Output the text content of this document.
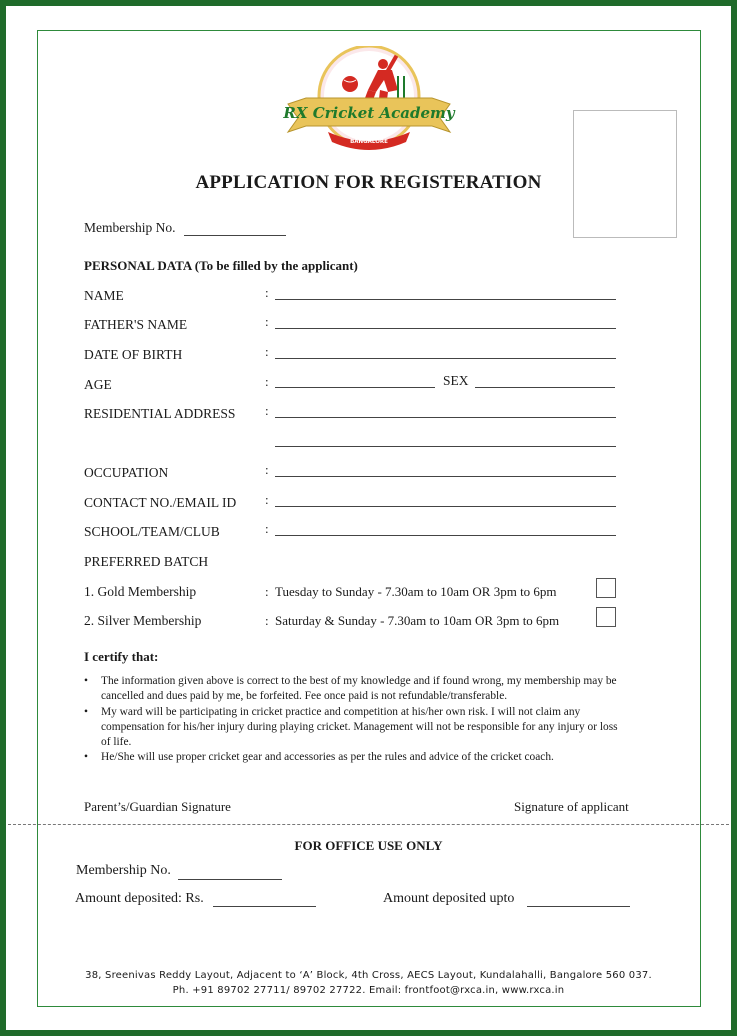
RX Cricket Academy
BANGALORE
APPLICATION FOR REGISTERATION
Membership No.
PERSONAL DATA (To be filled by the applicant)
NAME	:
FATHER'S NAME	:
DATE OF BIRTH	:
AGE	:	SEX
RESIDENTIAL ADDRESS :
OCCUPATION	:
CONTACT NO./EMAIL ID :
SCHOOL/TEAM/CLUB	:
PREFERRED BATCH
1. Gold Membership	: Tuesday to Sunday - 7.30am to 10am OR 3pm to 6pm
2. Silver Membership	: Saturday & Sunday - 7.30am to 10am OR 3pm to 6pm
I certify that:
• The information given above is correct to the best of my knowledge and if found wrong, my membership may be cancelled and dues paid by me, be forfeited. Fee once paid is not refundable/transferable.
• My ward will be participating in cricket practice and competition at his/her own risk. I will not claim any compensation for his/her injury during playing cricket. Management will not be responsible for any injury or loss of life.
• He/She will use proper cricket gear and accessories as per the rules and advice of the cricket coach.
Parent’s/Guardian Signature	Signature of applicant
FOR OFFICE USE ONLY
Membership No.
Amount deposited: Rs.	Amount deposited upto
38, Sreenivas Reddy Layout, Adjacent to ‘A’ Block, 4th Cross, AECS Layout, Kundalahalli, Bangalore 560 037.
Ph. +91 89702 27711/ 89702 27722. Email: frontfoot@rxca.in, www.rxca.in
